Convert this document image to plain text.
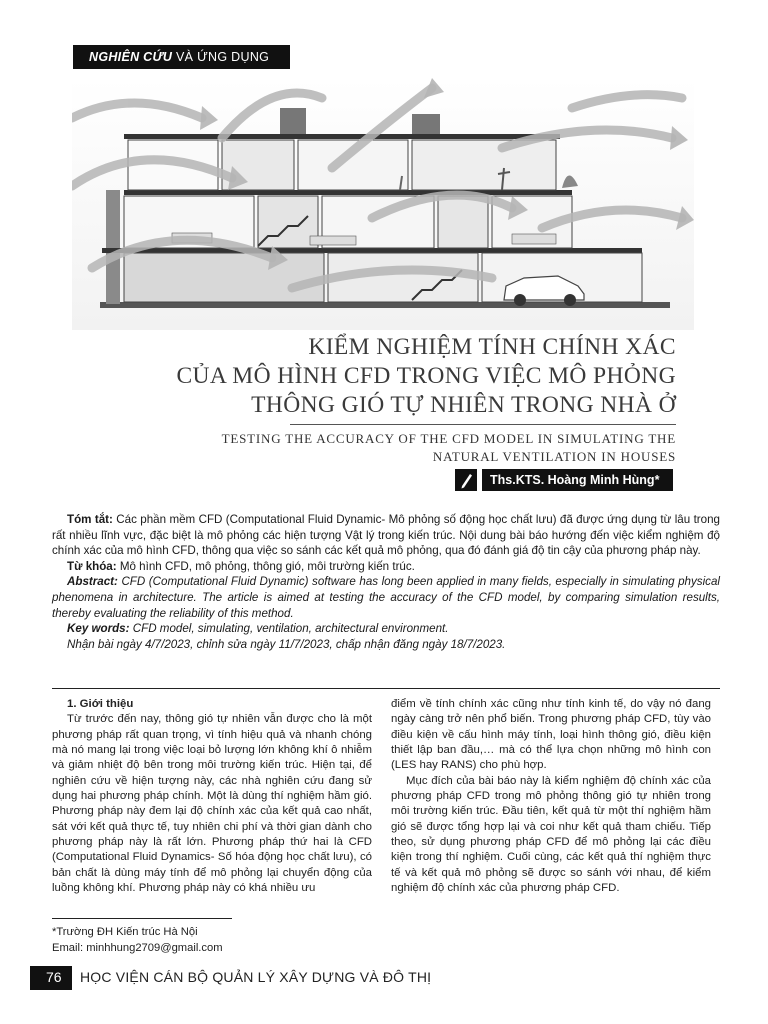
NGHIÊN CỨU VÀ ỨNG DỤNG
KIỂM NGHIỆM TÍNH CHÍNH XÁC
CỦA MÔ HÌNH CFD TRONG VIỆC MÔ PHỎNG
THÔNG GIÓ TỰ NHIÊN TRONG NHÀ Ở
TESTING THE ACCURACY OF THE CFD MODEL IN SIMULATING THE
NATURAL VENTILATION IN HOUSES
Ths.KTS. Hoàng Minh Hùng*

Tóm tắt: Các phần mềm CFD (Computational Fluid Dynamic- Mô phỏng số động học chất lưu) đã được ứng dụng từ lâu trong rất nhiều lĩnh vực, đặc biệt là mô phỏng các hiện tượng Vật lý trong kiến trúc. Nội dung bài báo hướng đến việc kiểm nghiệm độ chính xác của mô hình CFD, thông qua việc so sánh các kết quả mô phỏng, qua đó đánh giá độ tin cậy của phương pháp này.

Từ khóa: Mô hình CFD, mô phỏng, thông gió, môi trường kiến trúc.

Abstract: CFD (Computational Fluid Dynamic) software has long been applied in many fields, especially in simulating physical phenomena in architecture. The article is aimed at testing the accuracy of the CFD model, by comparing simulation results, thereby evaluating the reliability of this method.

Key words: CFD model, simulating, ventilation, architectural environment.

Nhận bài ngày 4/7/2023, chỉnh sửa ngày 11/7/2023, chấp nhận đăng ngày 18/7/2023.

1. Giới thiệu

Từ trước đến nay, thông gió tự nhiên vẫn được cho là một phương pháp rất quan trọng, vì tính hiệu quả và nhanh chóng mà nó mang lại trong việc loại bỏ lượng lớn không khí ô nhiễm và giảm nhiệt độ bên trong môi trường kiến trúc. Hiện tại, để nghiên cứu về hiện tượng này, các nhà nghiên cứu đang sử dụng hai phương pháp chính. Một là dùng thí nghiệm hầm gió. Phương pháp này đem lại độ chính xác của kết quả cao nhất, sát với kết quả thực tế, tuy nhiên chi phí và thời gian dành cho phương pháp này là rất lớn. Phương pháp thứ hai là CFD (Computational Fluid Dynamics- Số hóa động học chất lưu), có bản chất là dùng máy tính để mô phỏng lại chuyển động của luồng không khí. Phương pháp này có khá nhiều ưu

điểm về tính chính xác cũng như tính kinh tế, do vậy nó đang ngày càng trở nên phổ biến. Trong phương pháp CFD, tùy vào điều kiện về cấu hình máy tính, loại hình thông gió, điều kiện thiết lập ban đầu,… mà có thể lựa chọn những mô hình con (LES hay RANS) cho phù hợp.

Mục đích của bài báo này là kiểm nghiệm độ chính xác của phương pháp CFD trong mô phỏng thông gió tự nhiên trong môi trường kiến trúc. Đầu tiên, kết quả từ một thí nghiệm hầm gió sẽ được tổng hợp lại và coi như kết quả tham chiếu. Tiếp theo, sử dụng phương pháp CFD để mô phỏng lại các điều kiện trong thí nghiệm. Cuối cùng, các kết quả thí nghiệm thực tế và kết quả mô phỏng sẽ được so sánh với nhau, để kiểm nghiệm độ chính xác của phương pháp CFD.

*Trường ĐH Kiến trúc Hà Nội
Email: minhhung2709@gmail.com
76	HỌC VIỆN CÁN BỘ QUẢN LÝ XÂY DỰNG VÀ ĐÔ THỊ
